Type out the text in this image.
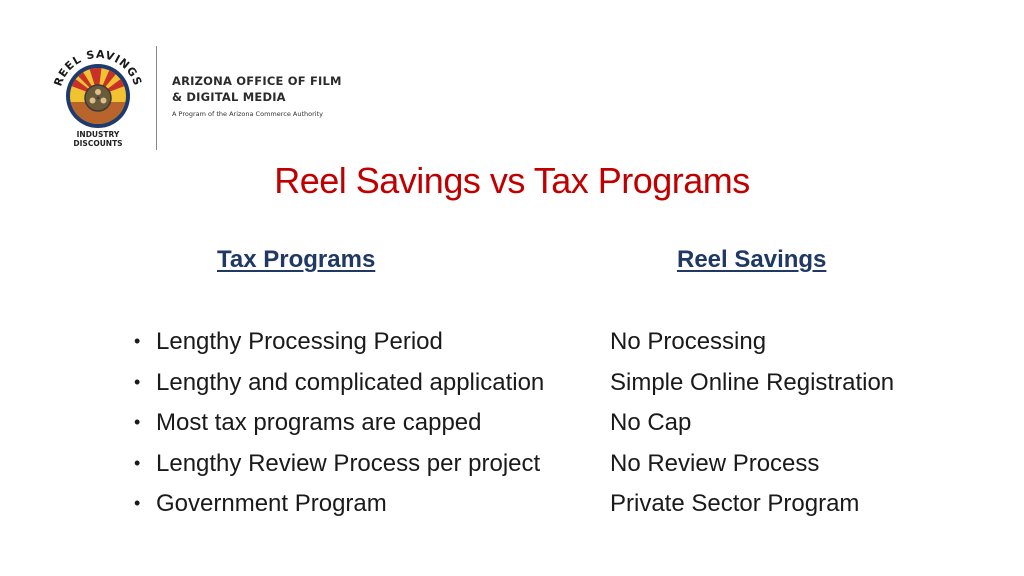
REEL SAVINGS
INDUSTRY
DISCOUNTS
ARIZONA OFFICE OF FILM
& DIGITAL MEDIA
A Program of the Arizona Commerce Authority
Reel Savings vs Tax Programs
Tax Programs	Reel Savings
• Lengthy Processing Period
• Lengthy and complicated application
• Most tax programs are capped
• Lengthy Review Process per project
• Government Program
No Processing
Simple Online Registration
No Cap
No Review Process
Private Sector Program
